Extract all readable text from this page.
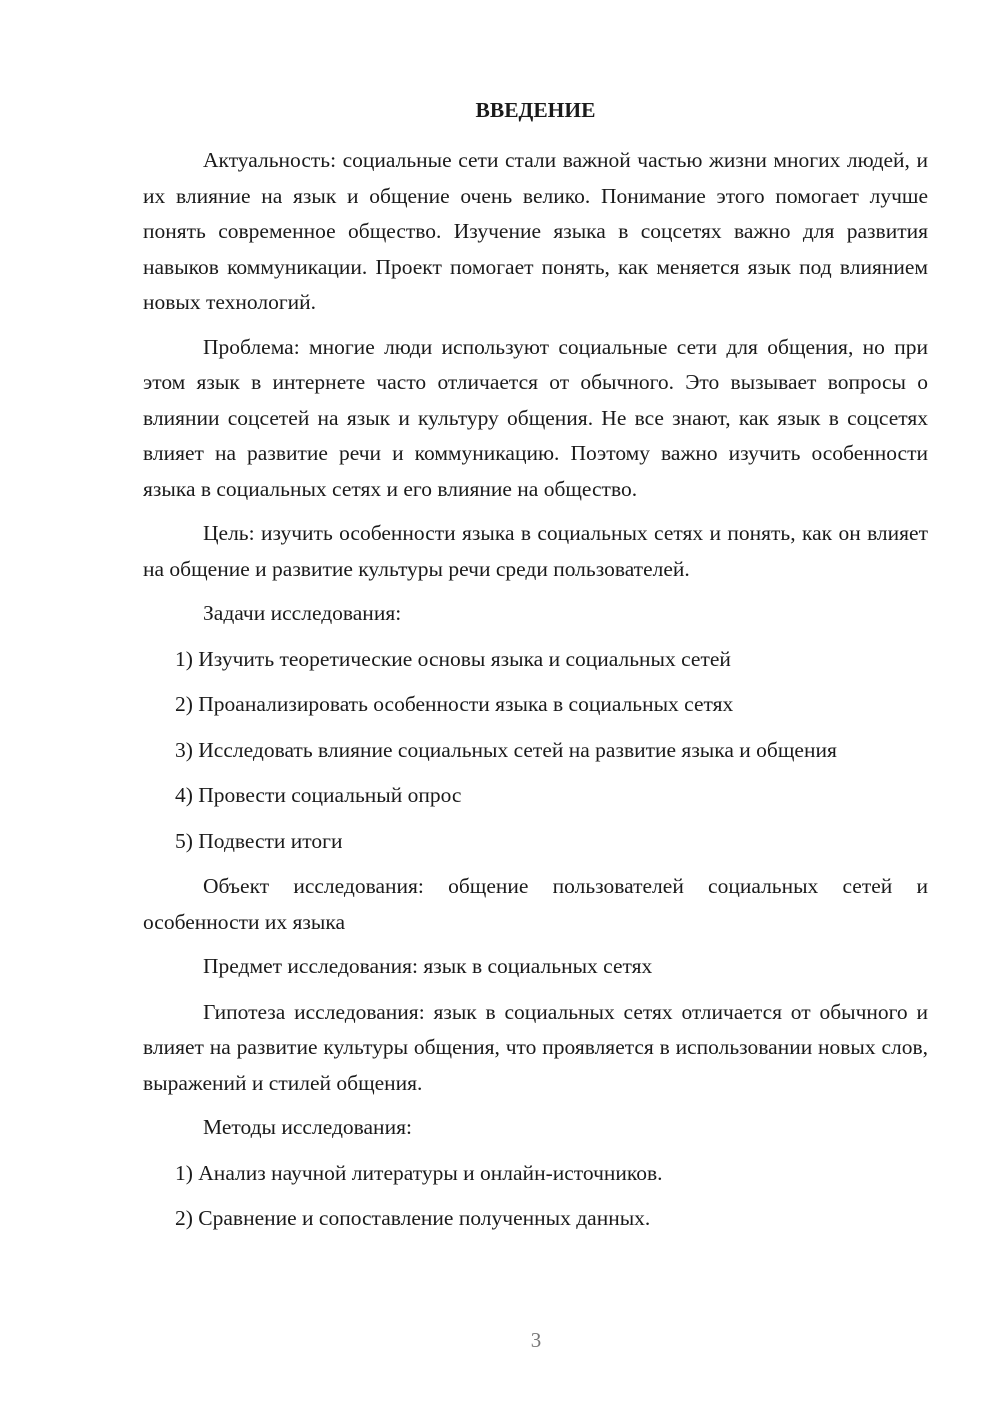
ВВЕДЕНИЕ

Актуальность: социальные сети стали важной частью жизни многих людей, и их влияние на язык и общение очень велико. Понимание этого помогает лучше понять современное общество. Изучение языка в соцсетях важно для развития навыков коммуникации. Проект помогает понять, как меняется язык под влиянием новых технологий.

Проблема: многие люди используют социальные сети для общения, но при этом язык в интернете часто отличается от обычного. Это вызывает вопросы о влиянии соцсетей на язык и культуру общения. Не все знают, как язык в соцсетях влияет на развитие речи и коммуникацию. Поэтому важно изучить особенности языка в социальных сетях и его влияние на общество.

Цель: изучить особенности языка в социальных сетях и понять, как он влияет на общение и развитие культуры речи среди пользователей.

Задачи исследования:

1) Изучить теоретические основы языка и социальных сетей

2) Проанализировать особенности языка в социальных сетях

3) Исследовать влияние социальных сетей на развитие языка и общения

4) Провести социальный опрос

5) Подвести итоги

Объект исследования: общение пользователей социальных сетей и особенности их языка

Предмет исследования: язык в социальных сетях

Гипотеза исследования: язык в социальных сетях отличается от обычного и влияет на развитие культуры общения, что проявляется в использовании новых слов, выражений и стилей общения.

Методы исследования:

1) Анализ научной литературы и онлайн-источников.

2) Сравнение и сопоставление полученных данных.

3
